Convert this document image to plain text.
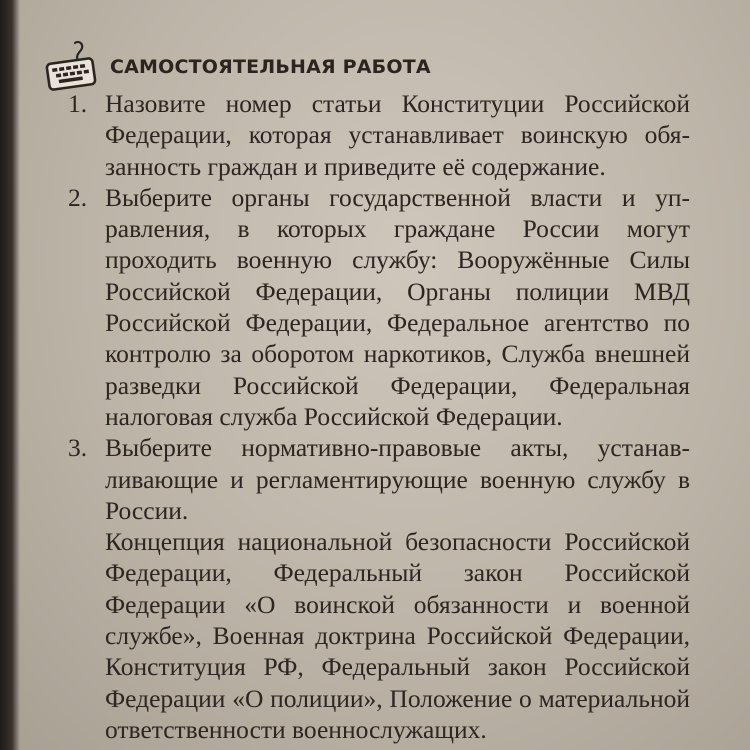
САМОСТОЯТЕЛЬНАЯ РАБОТА
1. Назовите номер статьи Конституции Российской Федерации, которая устанавливает воинскую обязанность граждан и приведите её содержание.
2. Выберите органы государственной власти и управления, в которых граждане России могут проходить военную службу: Вооружённые Силы Российской Федерации, Органы полиции МВД Российской Федерации, Федеральное агентство по контролю за оборотом наркотиков, Служба внешней разведки Российской Федерации, Федеральная налоговая служба Российской Федерации.
3. Выберите нормативно-правовые акты, устанавливающие и регламентирующие военную службу в России.
Концепция национальной безопасности Российской Федерации, Федеральный закон Российской Федерации «О воинской обязанности и военной службе», Военная доктрина Российской Федерации, Конституция РФ, Федеральный закон Российской Федерации «О полиции», Положение о материальной ответственности военнослужащих.
